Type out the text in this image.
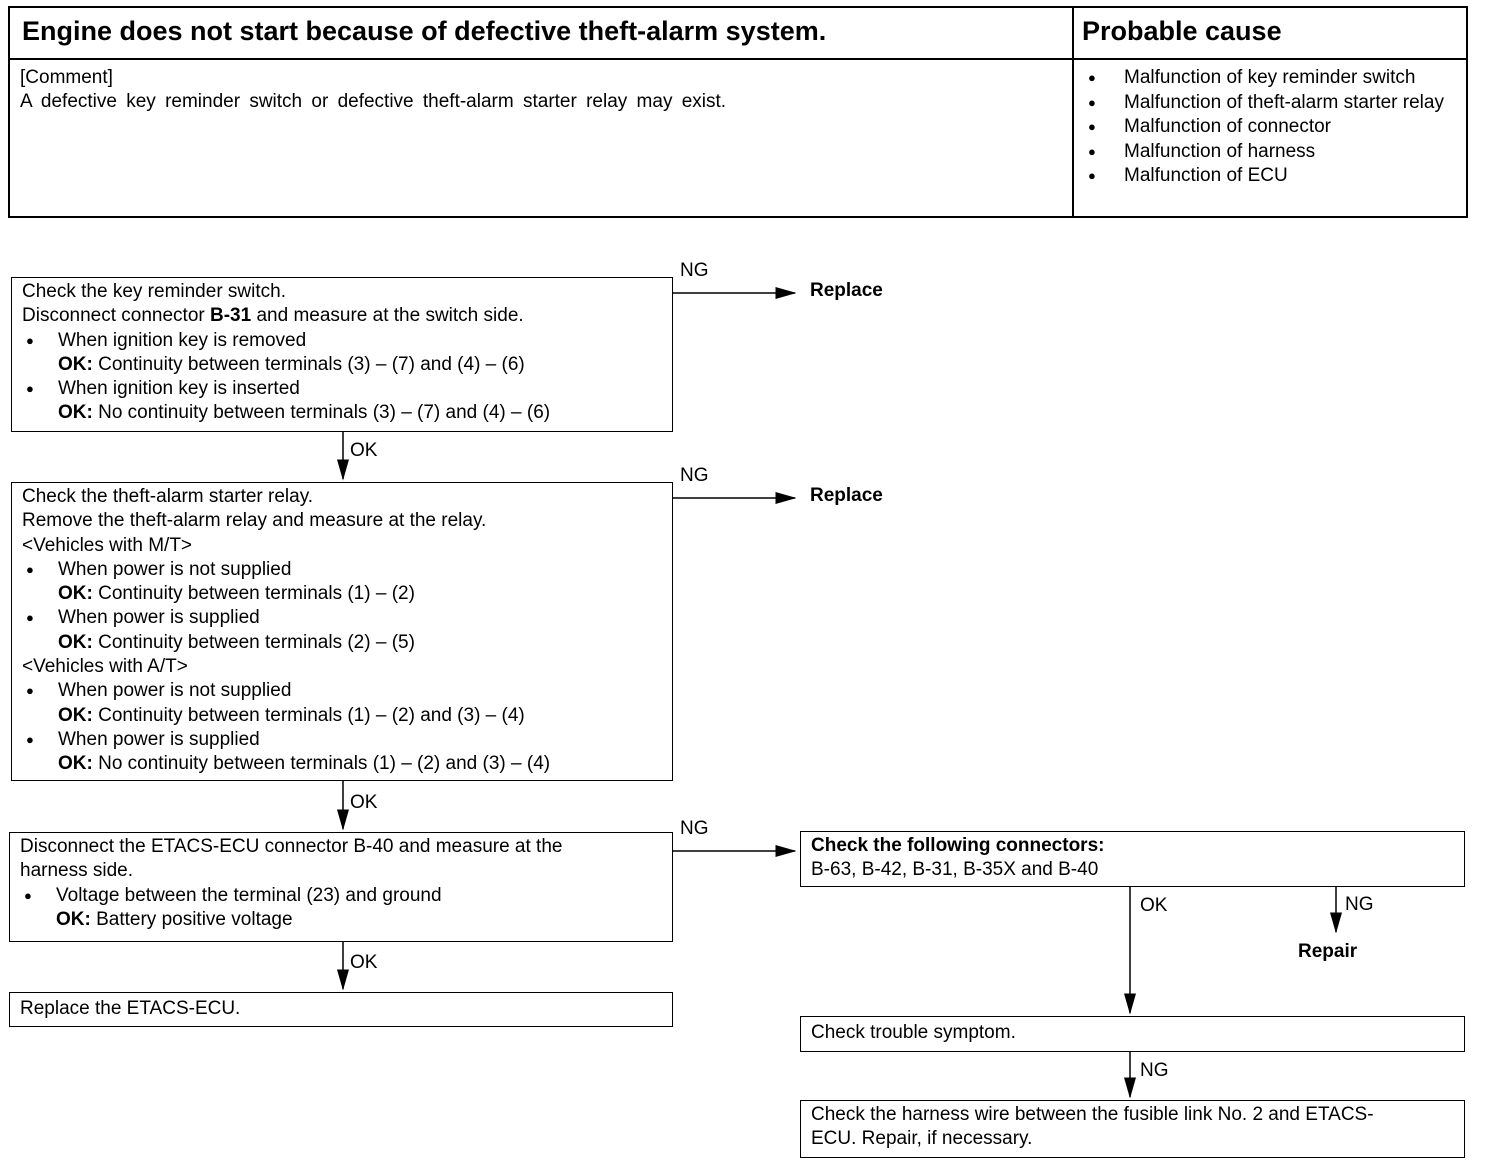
Engine does not start because of defective theft-alarm system.	Probable cause
[Comment]
A defective key reminder switch or defective theft-alarm starter relay may exist.
● Malfunction of key reminder switch
● Malfunction of theft-alarm starter relay
● Malfunction of connector
● Malfunction of harness
● Malfunction of ECU
NG
Replace
NG
Replace
NG
OK
OK
OK
OK	NG
Repair
NG
Check the key reminder switch.
Disconnect connector B-31 and measure at the switch side.
● When ignition key is removed
OK: Continuity between terminals (3) – (7) and (4) – (6)
● When ignition key is inserted
OK: No continuity between terminals (3) – (7) and (4) – (6)
Check the theft-alarm starter relay.
Remove the theft-alarm relay and measure at the relay.
<Vehicles with M/T>
● When power is not supplied
OK: Continuity between terminals (1) – (2)
● When power is supplied
OK: Continuity between terminals (2) – (5)
<Vehicles with A/T>
● When power is not supplied
OK: Continuity between terminals (1) – (2) and (3) – (4)
● When power is supplied
OK: No continuity between terminals (1) – (2) and (3) – (4)
Disconnect the ETACS-ECU connector B-40 and measure at the
harness side.
● Voltage between the terminal (23) and ground
OK: Battery positive voltage
Replace the ETACS-ECU.
Check the following connectors:
B-63, B-42, B-31, B-35X and B-40
Check trouble symptom.
Check the harness wire between the fusible link No. 2 and ETACS-
ECU. Repair, if necessary.
